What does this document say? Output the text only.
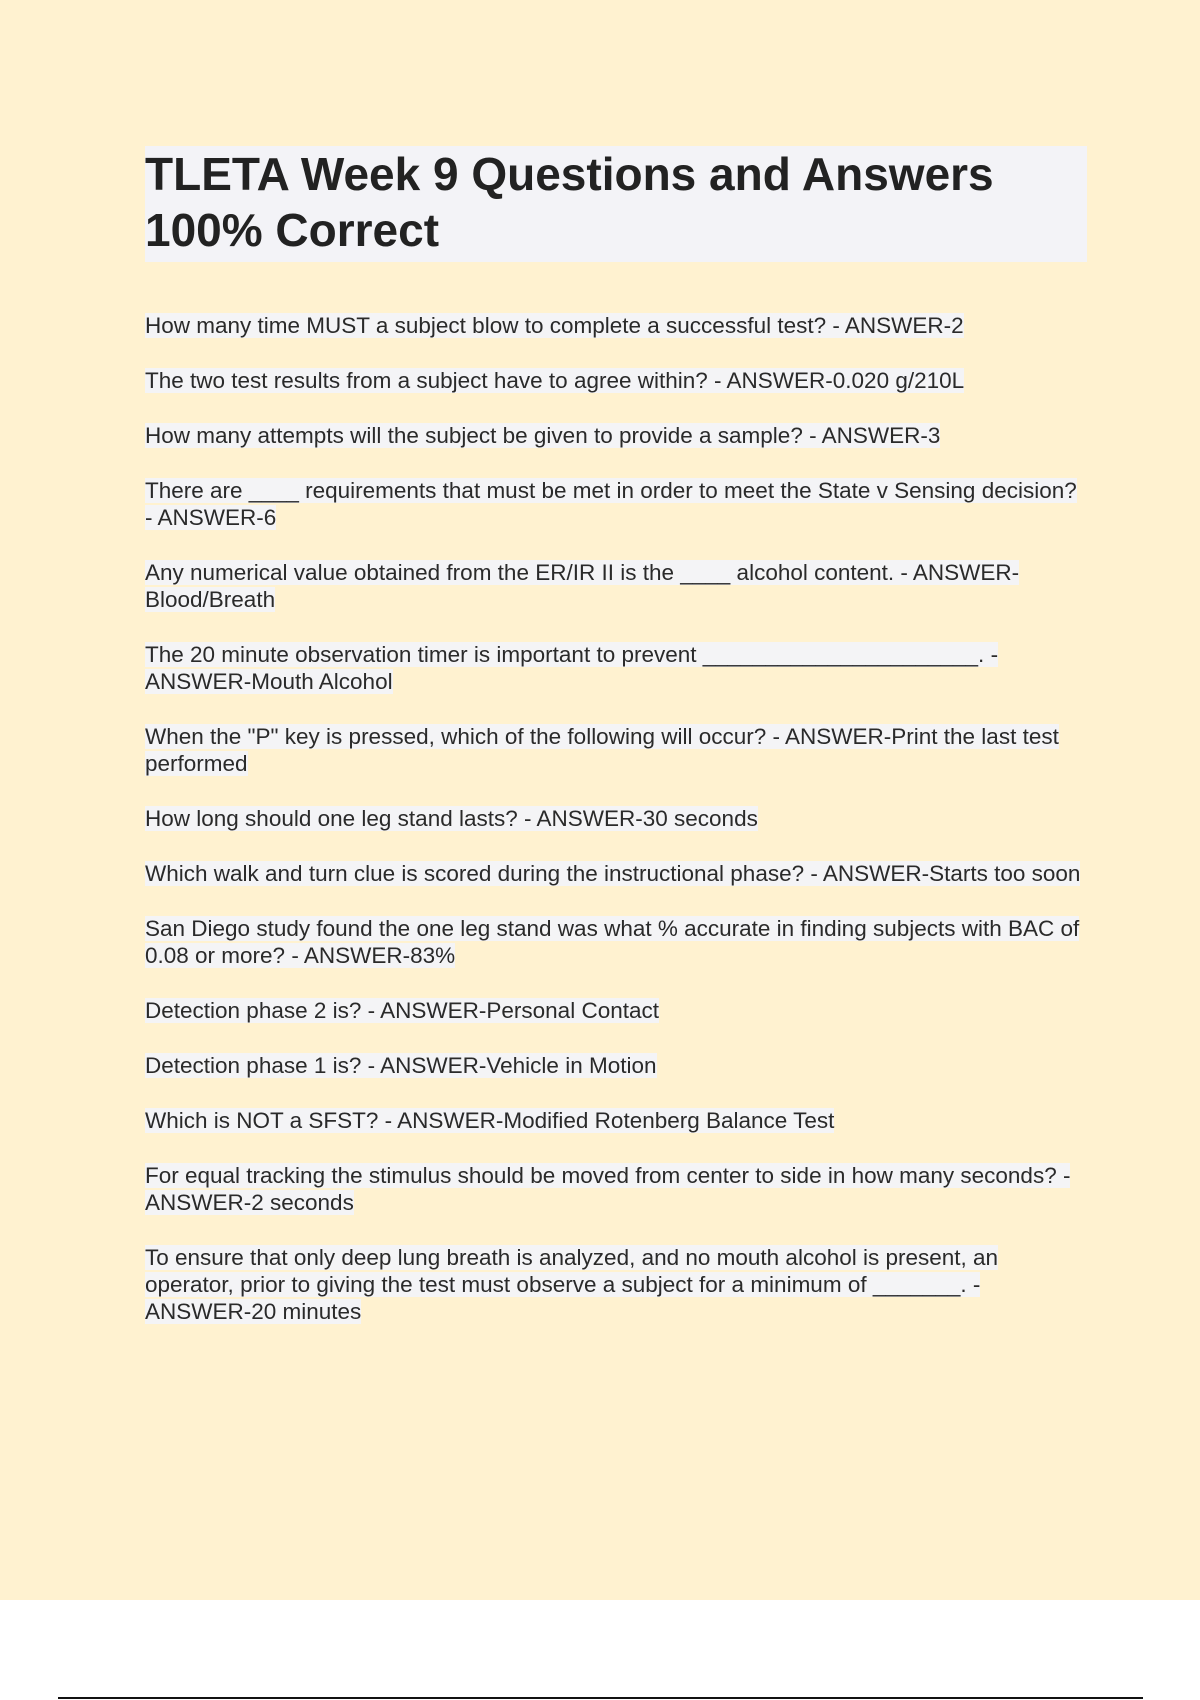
TLETA Week 9 Questions and Answers 100% Correct

How many time MUST a subject blow to complete a successful test? - ANSWER-2

The two test results from a subject have to agree within? - ANSWER-0.020 g/210L

How many attempts will the subject be given to provide a sample? - ANSWER-3

There are ____ requirements that must be met in order to meet the State v Sensing decision? - ANSWER-6

Any numerical value obtained from the ER/IR II is the ____ alcohol content. - ANSWER-Blood/Breath

The 20 minute observation timer is important to prevent ______________________. - ANSWER-Mouth Alcohol

When the "P" key is pressed, which of the following will occur? - ANSWER-Print the last test performed

How long should one leg stand lasts? - ANSWER-30 seconds

Which walk and turn clue is scored during the instructional phase? - ANSWER-Starts too soon

San Diego study found the one leg stand was what % accurate in finding subjects with BAC of 0.08 or more? - ANSWER-83%

Detection phase 2 is? - ANSWER-Personal Contact

Detection phase 1 is? - ANSWER-Vehicle in Motion

Which is NOT a SFST? - ANSWER-Modified Rotenberg Balance Test

For equal tracking the stimulus should be moved from center to side in how many seconds? - ANSWER-2 seconds

To ensure that only deep lung breath is analyzed, and no mouth alcohol is present, an operator, prior to giving the test must observe a subject for a minimum of _______. - ANSWER-20 minutes
